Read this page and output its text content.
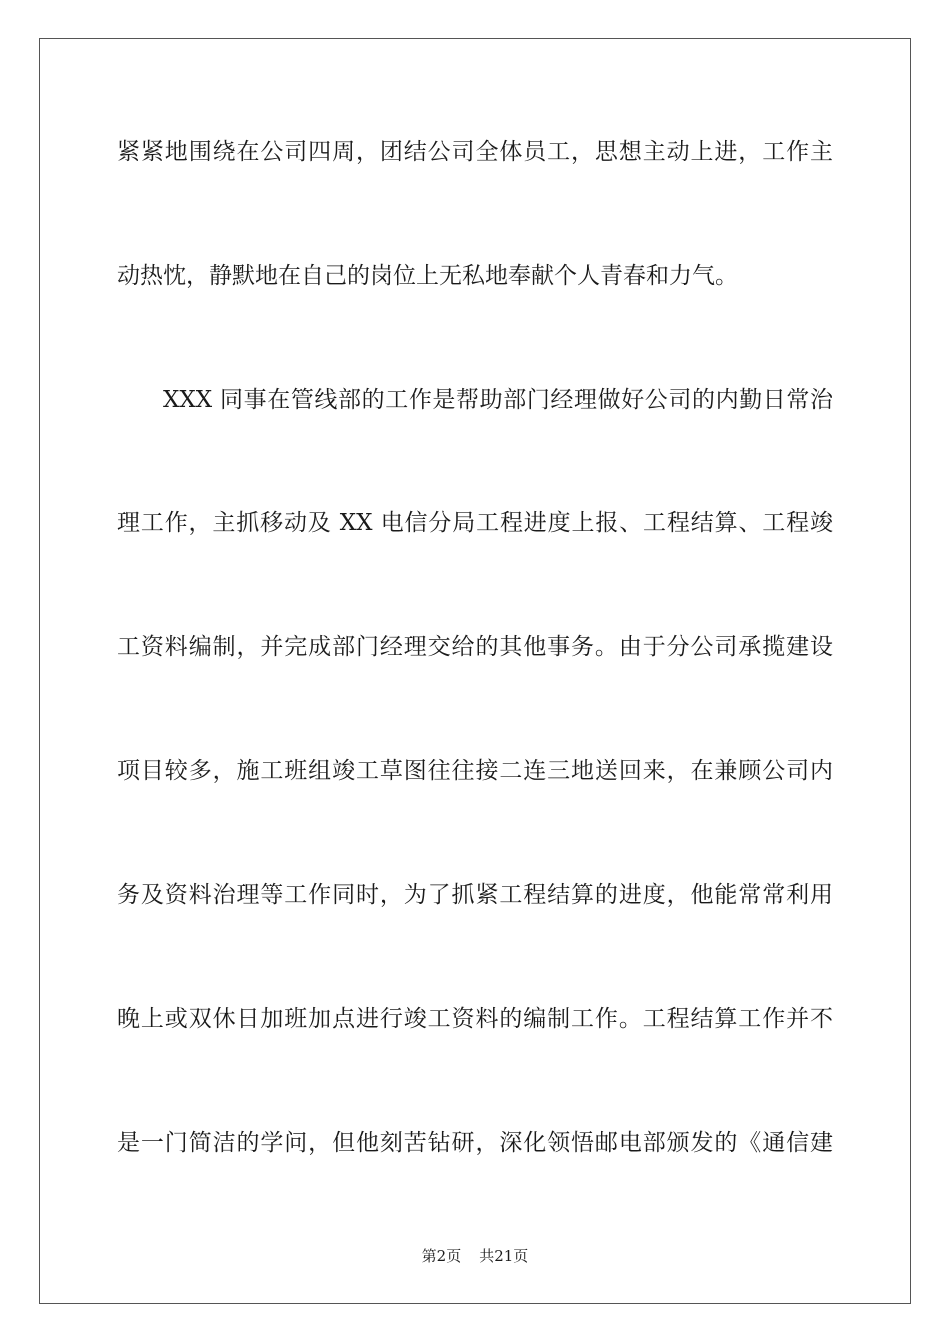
紧紧地围绕在公司四周，团结公司全体员工，思想主动上进，工作主
动热忱，静默地在自己的岗位上无私地奉献个人青春和力气。
XXX 同事在管线部的工作是帮助部门经理做好公司的内勤日常治
理工作，主抓移动及 XX 电信分局工程进度上报、工程结算、工程竣
工资料编制，并完成部门经理交给的其他事务。由于分公司承揽建设
项目较多，施工班组竣工草图往往接二连三地送回来，在兼顾公司内
务及资料治理等工作同时，为了抓紧工程结算的进度，他能常常利用
晚上或双休日加班加点进行竣工资料的编制工作。工程结算工作并不
是一门简洁的学问，但他刻苦钻研，深化领悟邮电部颁发的《通信建
第2页 共21页
